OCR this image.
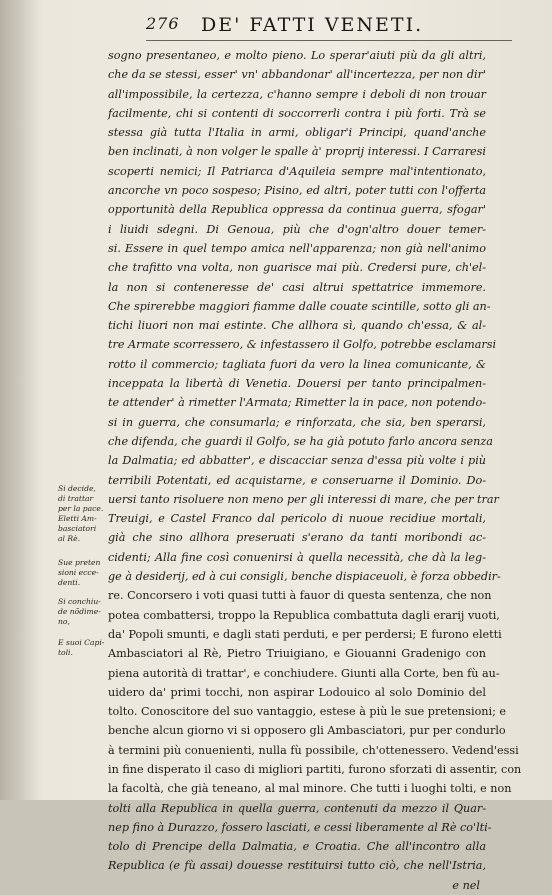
276 DE' FATTI VENETI.
sogno presentaneo, e molto pieno. Lo sperar'aiuti più da gli altri,
che da se stessi, esser' vn' abbandonar' all'incertezza, per non dir'
all'impossibile, la certezza, c'hanno sempre i deboli di non trouar
facilmente, chi si contenti di soccorrerli contra i più forti. Trà se
stessa già tutta l'Italia in armi, obligar'i Principi, quand'anche
ben inclinati, à non volger le spalle à' proprij interessi. I Carraresi
scoperti nemici; Il Patriarca d'Aquileia sempre mal'intentionato,
ancorche vn poco sospeso; Pisino, ed altri, poter tutti con l'offerta
opportunità della Republica oppressa da continua guerra, sfogar'
i liuidi sdegni. Di Genoua, più che d'ogn'altro douer temer-
si. Essere in quel tempo amica nell'apparenza; non già nell'animo
che trafitto vna volta, non guarisce mai più. Credersi pure, ch'el-
la non si conteneresse de' casi altrui spettatrice immemore.
Che spirerebbe maggiori fiamme dalle couate scintille, sotto gli an-
tichi liuori non mai estinte. Che allhora sì, quando ch'essa, & al-
tre Armate scorressero, & infestassero il Golfo, potrebbe esclamarsi
rotto il commercio; tagliata fuori da vero la linea comunicante, &
inceppata la libertà di Venetia. Douersi per tanto principalmen-
te attender' à rimetter l'Armata; Rimetter la in pace, non potendo-
si in guerra, che consumarla; e rinforzata, che sia, ben sperarsi,
che difenda, che guardi il Golfo, se ha già potuto farlo ancora senza
la Dalmatia; ed abbatter', e discacciar senza d'essa più volte i più
terribili Potentati, ed acquistarne, e conseruarne il Dominio. Do-
uersi tanto risoluere non meno per gli interessi di mare, che per trar
Treuigi, e Castel Franco dal pericolo di nuoue recidiue mortali,
già che sino allhora preseruati s'erano da tanti moribondi ac-
cidenti; Alla fine così conuenirsi à quella necessità, che dà la leg-
ge à desiderij, ed à cui consigli, benche dispiaceuoli, è forza obbedir-
re. Concorsero i voti quasi tutti à fauor di questa sentenza, che non
potea combattersi, troppo la Republica combattuta dagli erarij vuoti,
da' Popoli smunti, e dagli stati perduti, e per perdersi; E furono eletti
Ambasciatori al Rè, Pietro Triuigiano, e Giouanni Gradenigo con
piena autorità di trattar', e conchiudere. Giunti alla Corte, ben fù au-
uidero da' primi tocchi, non aspirar Lodouico al solo Dominio del
tolto. Conoscitore del suo vantaggio, estese à più le sue pretensioni; e
benche alcun giorno vi si opposero gli Ambasciatori, pur per condurlo
à termini più conuenienti, nulla fù possibile, ch'ottenessero. Vedend'essi
in fine disperato il caso di migliori partiti, furono sforzati di assentir, con
la facoltà, che già teneano, al mal minore. Che tutti i luoghi tolti, e non
tolti alla Republica in quella guerra, contenuti da mezzo il Quar-
nер fino à Durazzo, fossero lasciati, e cessi liberamente al Rè co'lti-
tolo di Prencipe della Dalmatia, e Croatia. Che all'incontro alla
Republica (e fù assai) douesse restituirsi tutto ciò, che nell'Istria,
e nel
Si decide,
di trattar
per la pace.
Eletti Am-
basciatori
al Rè.
Sue preten
sioni ecce-
denti.
Si conchiu-
de nõdime-
no,
E suoi Capi-
toli.
